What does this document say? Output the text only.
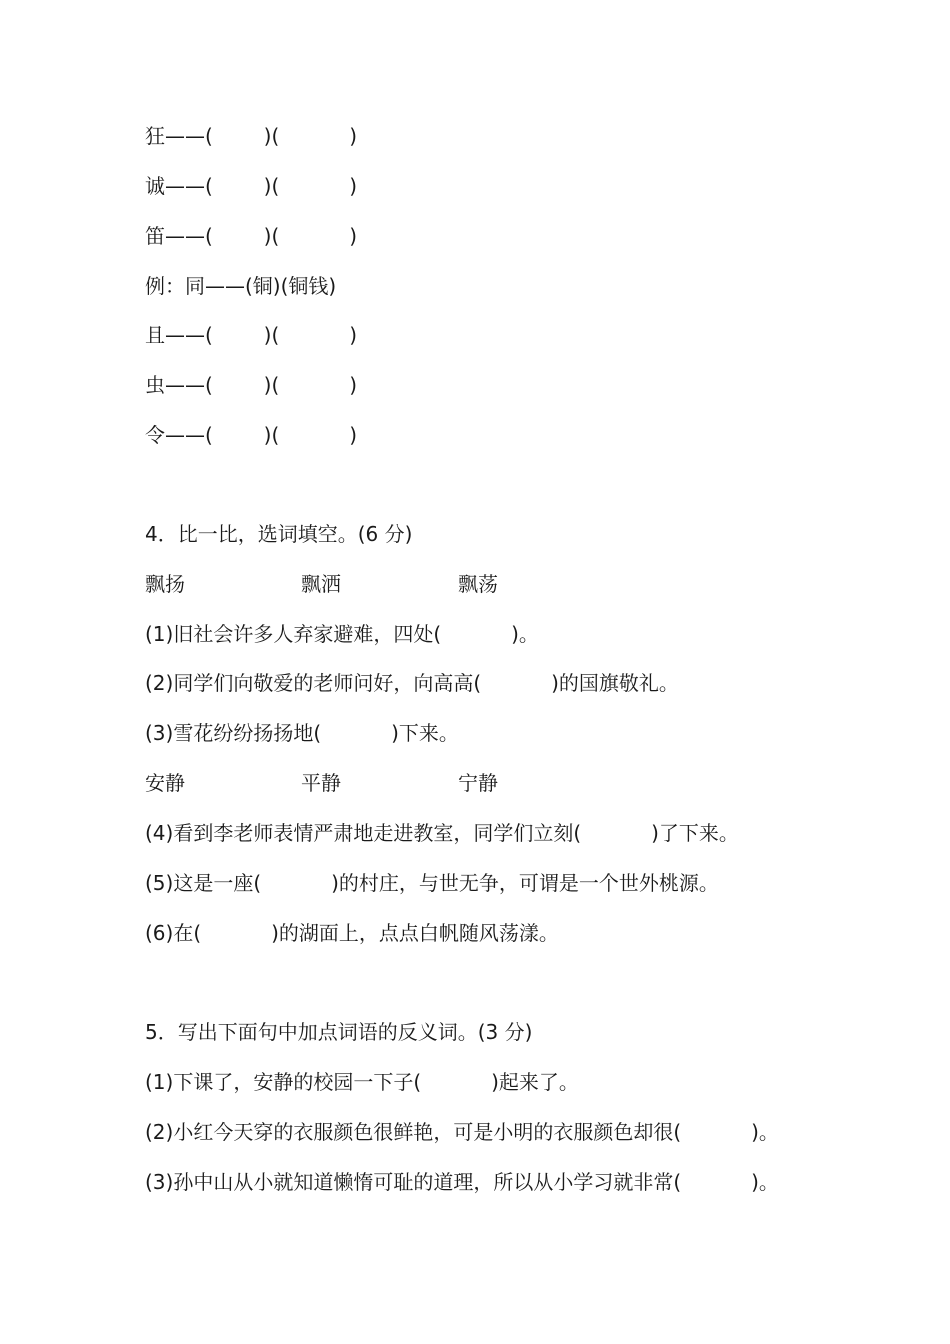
狂——(        )(           )
诚——(        )(           )
笛——(        )(           )
例：同——(铜)(铜钱)
且——(        )(           )
虫——(        )(           )
令——(        )(           )
4．比一比，选词填空。(6 分)
飘扬	飘洒	飘荡
(1)旧社会许多人弃家避难，四处(           )。
(2)同学们向敬爱的老师问好，向高高(           )的国旗敬礼。
(3)雪花纷纷扬扬地(           )下来。
安静	平静	宁静
(4)看到李老师表情严肃地走进教室，同学们立刻(           )了下来。
(5)这是一座(           )的村庄，与世无争，可谓是一个世外桃源。
(6)在(           )的湖面上，点点白帆随风荡漾。
5．写出下面句中加点词语的反义词。(3 分)
(1)下课了，安静的校园一下子(           )起来了。
(2)小红今天穿的衣服颜色很鲜艳，可是小明的衣服颜色却很(           )。
(3)孙中山从小就知道懒惰可耻的道理，所以从小学习就非常(           )。
